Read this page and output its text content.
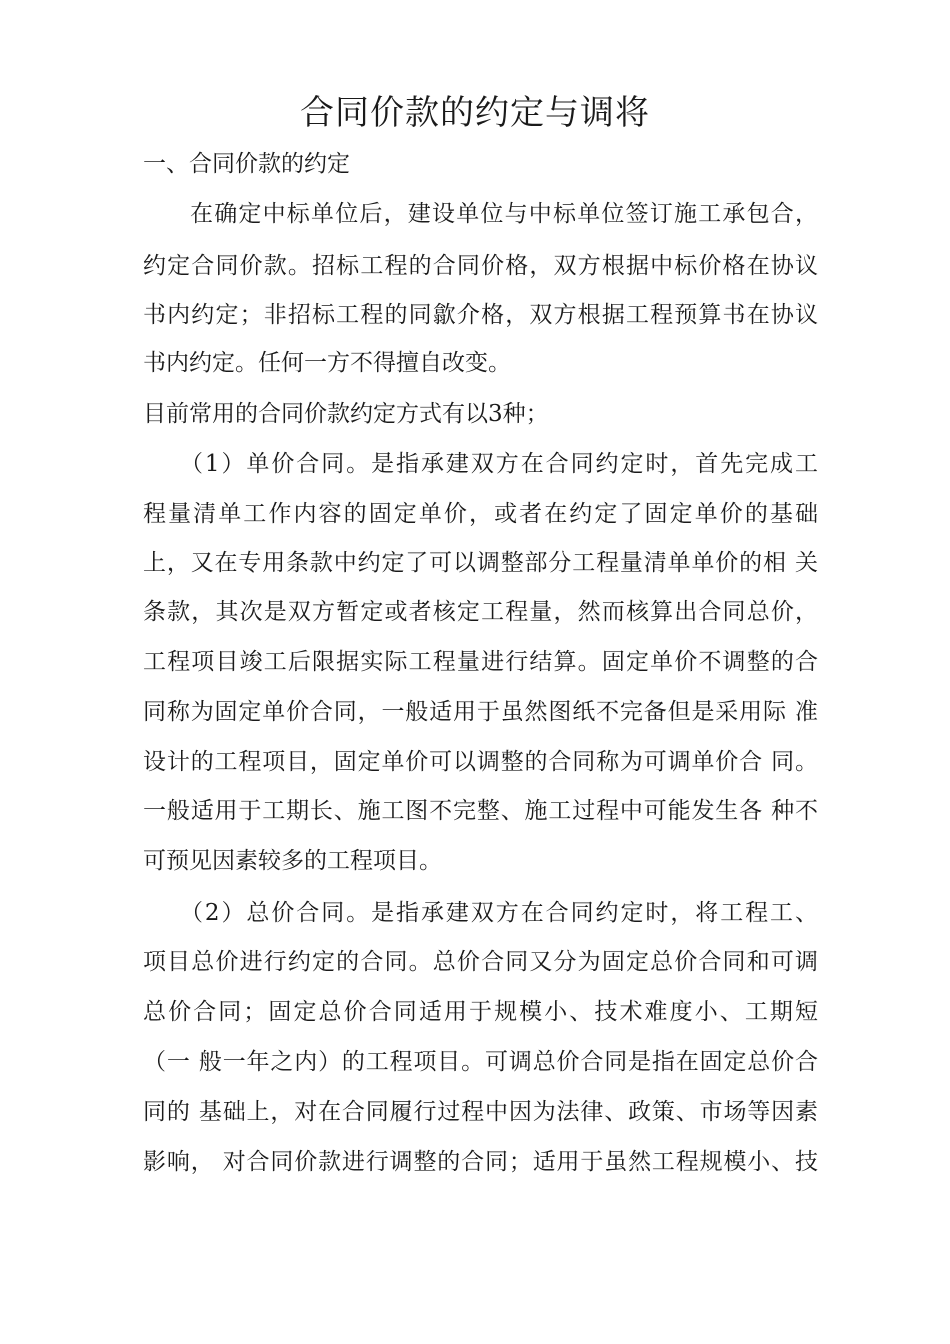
合同价款的约定与调将
一、合同价款的约定
在确定中标单位后，建设单位与中标单位签订施工承包合，
约定合同价款。招标工程的合同价格，双方根据中标价格在协议
书内约定；非招标工程的同歙介格，双方根据工程预算书在协议
书内约定。任何一方不得擅自改变。
目前常用的合同价款约定方式有以3种；
（1）单价合同。是指承建双方在合同约定时，首先完成工
程量清单工作内容的固定单价，或者在约定了固定单价的基础
上，又在专用条款中约定了可以调整部分工程量清单单价的相 关
条款，其次是双方暂定或者核定工程量，然而核算出合同总价，
工程项目竣工后限据实际工程量进行结算。固定单价不调整的合
同称为固定单价合同，一般适用于虽然图纸不完备但是采用际 准
设计的工程项目，固定单价可以调整的合同称为可调单价合 同。
一般适用于工期长、施工图不完整、施工过程中可能发生各 种不
可预见因素较多的工程项目。
（2）总价合同。是指承建双方在合同约定时，将工程工、
项目总价进行约定的合同。总价合同又分为固定总价合同和可调
总价合同；固定总价合同适用于规模小、技术难度小、工期短
（一 般一年之内）的工程项目。可调总价合同是指在固定总价合
同的 基础上，对在合同履行过程中因为法律、政策、市场等因素
影响， 对合同价款进行调整的合同；适用于虽然工程规模小、技
